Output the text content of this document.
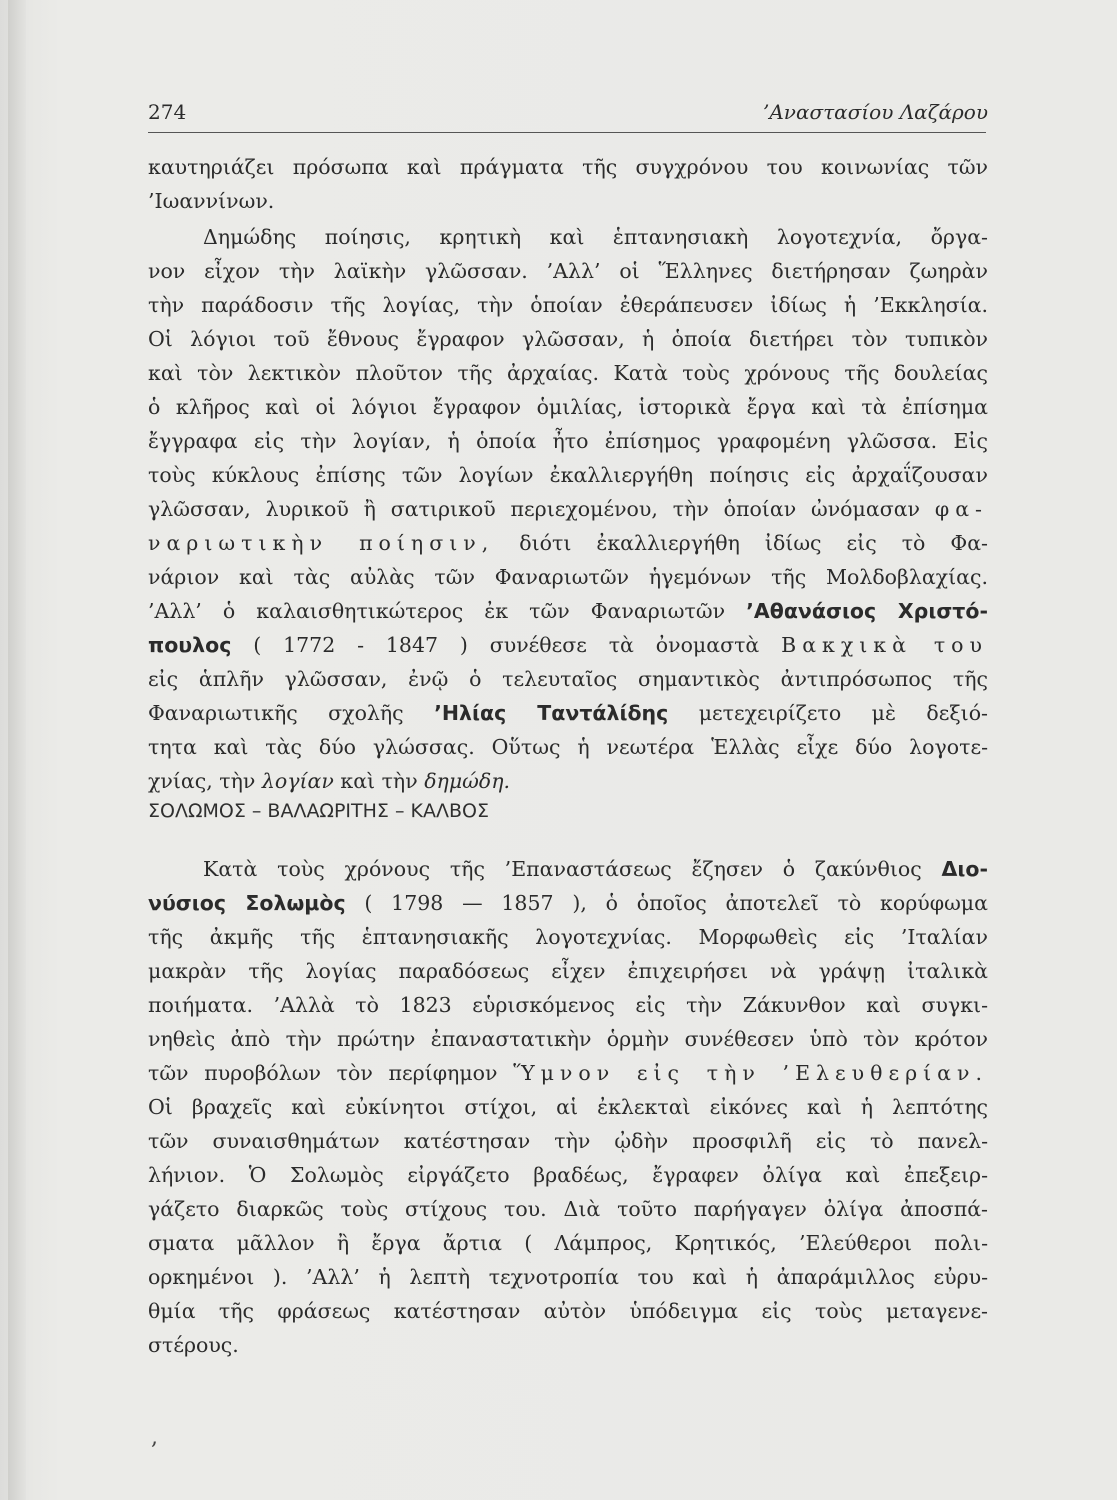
274	’Αναστασίου Λαζάρου
καυτηριάζει πρόσωπα καὶ πράγματα τῆς συγχρόνου του κοινωνίας τῶν
’Ιωαννίνων.
Δημώδης ποίησις, κρητικὴ καὶ ἑπτανησιακὴ λογοτεχνία, ὄργα-
νον εἶχον τὴν λαϊκὴν γλῶσσαν. ’Αλλ’ οἱ Ἕλληνες διετήρησαν ζωηρὰν
τὴν παράδοσιν τῆς λογίας, τὴν ὁποίαν ἐθεράπευσεν ἰδίως ἡ ’Εκκλησία.
Οἱ λόγιοι τοῦ ἔθνους ἔγραφον γλῶσσαν, ἡ ὁποία διετήρει τὸν τυπικὸν
καὶ τὸν λεκτικὸν πλοῦτον τῆς ἀρχαίας. Κατὰ τοὺς χρόνους τῆς δουλείας
ὁ κλῆρος καὶ οἱ λόγιοι ἔγραφον ὁμιλίας, ἱστορικὰ ἔργα καὶ τὰ ἐπίσημα
ἔγγραφα εἰς τὴν λογίαν, ἡ ὁποία ἦτο ἐπίσημος γραφομένη γλῶσσα. Εἰς
τοὺς κύκλους ἐπίσης τῶν λογίων ἐκαλλιεργήθη ποίησις εἰς ἀρχαΐζουσαν
γλῶσσαν, λυρικοῦ ἢ σατιρικοῦ περιεχομένου, τὴν ὁποίαν ὠνόμασαν φα-
ναριωτικὴν ποίησιν, διότι ἐκαλλιεργήθη ἰδίως εἰς τὸ Φα-
νάριον καὶ τὰς αὐλὰς τῶν Φαναριωτῶν ἡγεμόνων τῆς Μολδοβλαχίας.
’Αλλ’ ὁ καλαισθητικώτερος ἐκ τῶν Φαναριωτῶν ’Αθανάσιος Χριστό-
πουλος ( 1772 - 1847 ) συνέθεσε τὰ ὀνομαστὰ Βακχικὰ του
εἰς ἁπλῆν γλῶσσαν, ἐνῷ ὁ τελευταῖος σημαντικὸς ἀντιπρόσωπος τῆς
Φαναριωτικῆς σχολῆς ’Ηλίας Ταντάλίδης μετεχειρίζετο μὲ δεξιό-
τητα καὶ τὰς δύο γλώσσας. Οὕτως ἡ νεωτέρα Ἑλλὰς εἶχε δύο λογοτε-
χνίας, τὴν λογίαν καὶ τὴν δημώδη.
ΣΟΛΩΜΟΣ – ΒΑΛΑΩΡΙΤΗΣ – ΚΑΛΒΟΣ
Κατὰ τοὺς χρόνους τῆς ’Επαναστάσεως ἔζησεν ὁ ζακύνθιος Διο-
νύσιος Σολωμὸς ( 1798 — 1857 ), ὁ ὁποῖος ἀποτελεῖ τὸ κορύφωμα
τῆς ἀκμῆς τῆς ἑπτανησιακῆς λογοτεχνίας. Μορφωθεὶς εἰς ’Ιταλίαν
μακρὰν τῆς λογίας παραδόσεως εἶχεν ἐπιχειρήσει νὰ γράψῃ ἰταλικὰ
ποιήματα. ’Αλλὰ τὸ 1823 εὑρισκόμενος εἰς τὴν Ζάκυνθον καὶ συγκι-
νηθεὶς ἀπὸ τὴν πρώτην ἐπαναστατικὴν ὁρμὴν συνέθεσεν ὑπὸ τὸν κρότον
τῶν πυροβόλων τὸν περίφημον Ὕμνον εἰς τὴν ’Ελευθερίαν.
Οἱ βραχεῖς καὶ εὐκίνητοι στίχοι, αἱ ἐκλεκταὶ εἰκόνες καὶ ἡ λεπτότης
τῶν συναισθημάτων κατέστησαν τὴν ᾠδὴν προσφιλῆ εἰς τὸ πανελ-
λήνιον. Ὁ Σολωμὸς εἰργάζετο βραδέως, ἔγραφεν ὀλίγα καὶ ἐπεξειρ-
γάζετο διαρκῶς τοὺς στίχους του. Διὰ τοῦτο παρήγαγεν ὀλίγα ἀποσπά-
σματα μᾶλλον ἢ ἔργα ἄρτια ( Λάμπρος, Κρητικός, ’Ελεύθεροι πολι-
ορκημένοι ). ’Αλλ’ ἡ λεπτὴ τεχνοτροπία του καὶ ἡ ἀπαράμιλλος εὐρυ-
θμία τῆς φράσεως κατέστησαν αὐτὸν ὑπόδειγμα εἰς τοὺς μεταγενε-
στέρους.
,
